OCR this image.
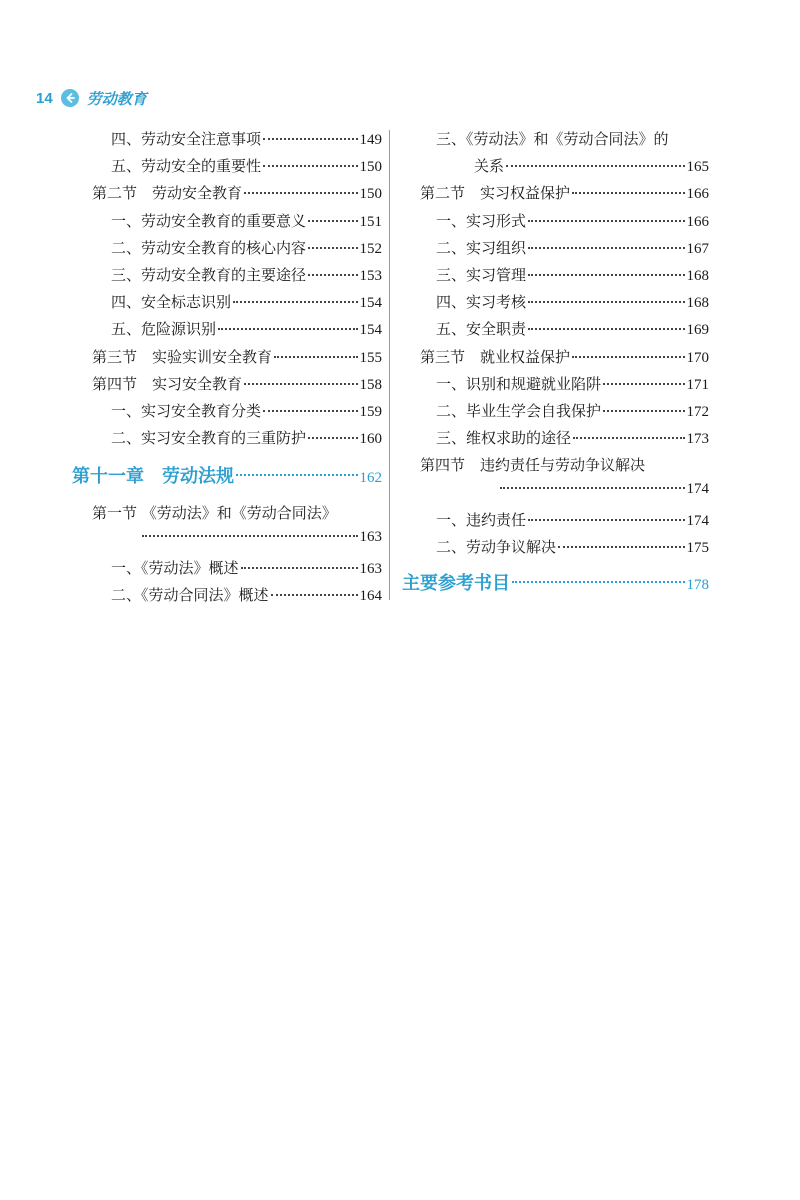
14 劳动教育
四、劳动安全注意事项	149
五、劳动安全的重要性	150
第二节　劳动安全教育	150
一、劳动安全教育的重要意义	151
二、劳动安全教育的核心内容	152
三、劳动安全教育的主要途径	153
四、安全标志识别	154
五、危险源识别	154
第三节　实验实训安全教育	155
第四节　实习安全教育	158
一、实习安全教育分类	159
二、实习安全教育的三重防护	160
第十一章　劳动法规	162
第一节 《劳动法》和《劳动合同法》
163
一、《劳动法》概述	163
二、《劳动合同法》概述	164
三、《劳动法》和《劳动合同法》的
关系	165
第二节　实习权益保护	166
一、实习形式	166
二、实习组织	167
三、实习管理	168
四、实习考核	168
五、安全职责	169
第三节　就业权益保护	170
一、识别和规避就业陷阱	171
二、毕业生学会自我保护	172
三、维权求助的途径	173
第四节　违约责任与劳动争议解决
174
一、违约责任	174
二、劳动争议解决	175
主要参考书目	178
